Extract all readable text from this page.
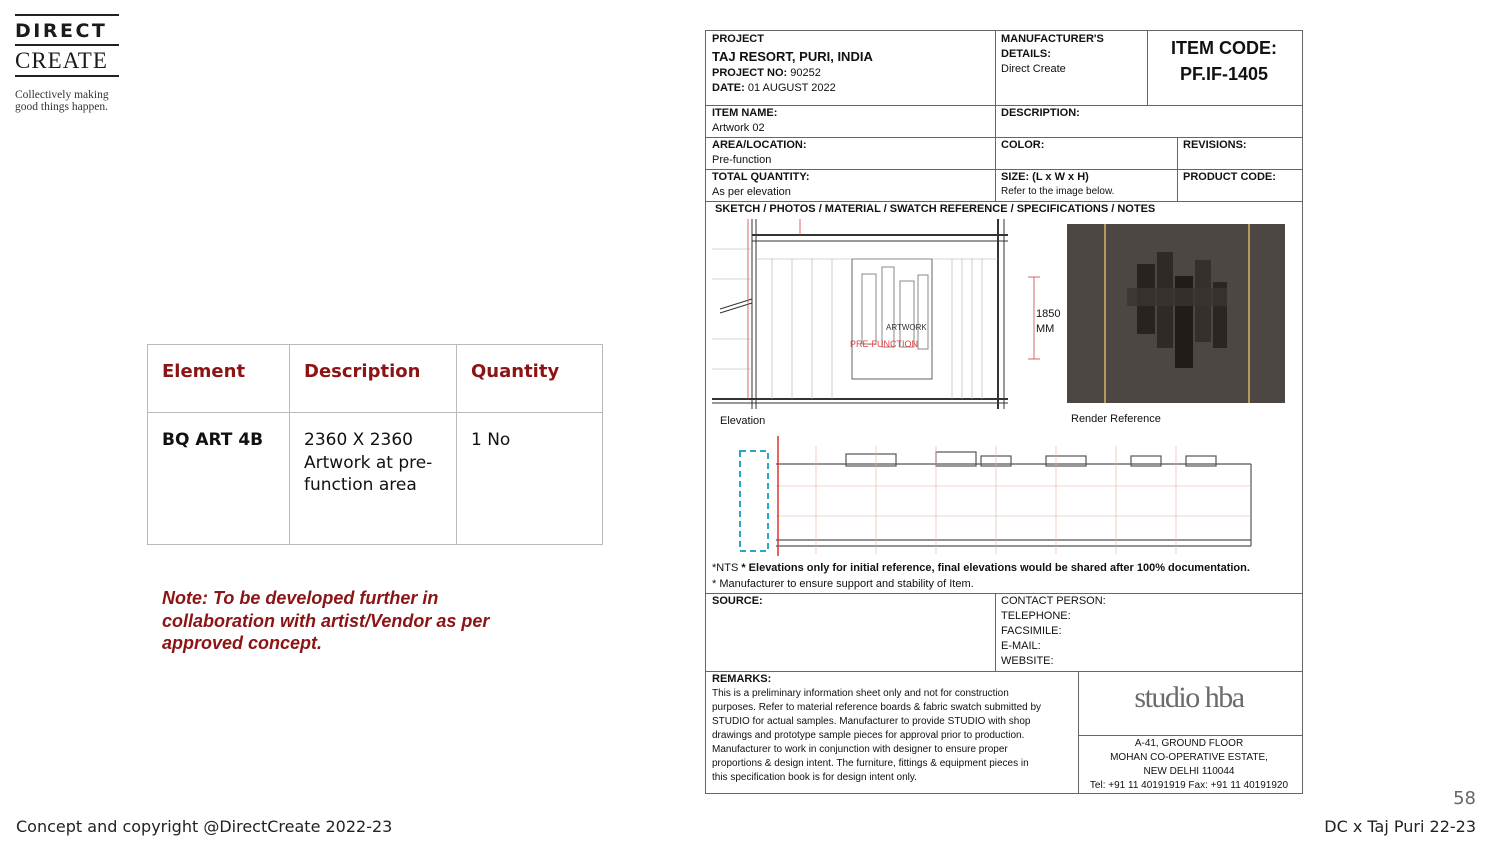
DIRECT
CREATE
Collectively making
good things happen.
Element	Description	Quantity
BQ ART 4B	2360 X 2360 Artwork at pre-function area	1 No
Note: To be developed further in collaboration with artist/Vendor as per approved concept.
PROJECT
TAJ RESORT, PURI, INDIA
PROJECT NO: 90252
DATE: 01 AUGUST 2022
MANUFACTURER'S DETAILS:
Direct Create
ITEM CODE:
PF.IF-1405
ITEM NAME:
Artwork 02
DESCRIPTION:
AREA/LOCATION:
Pre-function
COLOR:	REVISIONS:
TOTAL QUANTITY:
As per elevation
SIZE: (L x W x H)
Refer to the image below.
PRODUCT CODE:
SKETCH / PHOTOS / MATERIAL / SWATCH REFERENCE / SPECIFICATIONS / NOTES
ARTWORK
PRE-FUNCTION
1850
MM
Elevation	Render Reference
*NTS * Elevations only for initial reference, final elevations would be shared after 100% documentation.
* Manufacturer to ensure support and stability of Item.
SOURCE:	CONTACT PERSON:
TELEPHONE:
FACSIMILE:
E-MAIL:
WEBSITE:
REMARKS:
This is a preliminary information sheet only and not for construction
purposes. Refer to material reference boards & fabric swatch submitted by
STUDIO for actual samples. Manufacturer to provide STUDIO with shop
drawings and prototype sample pieces for approval prior to production.
Manufacturer to work in conjunction with designer to ensure proper
proportions & design intent. The furniture, fittings & equipment pieces in
this specification book is for design intent only.
studio hba
A-41, GROUND FLOOR
MOHAN CO-OPERATIVE ESTATE,
NEW DELHI 110044
Tel: +91 11 40191919 Fax: +91 11 40191920
58
Concept and copyright @DirectCreate 2022-23	DC x Taj Puri 22-23
